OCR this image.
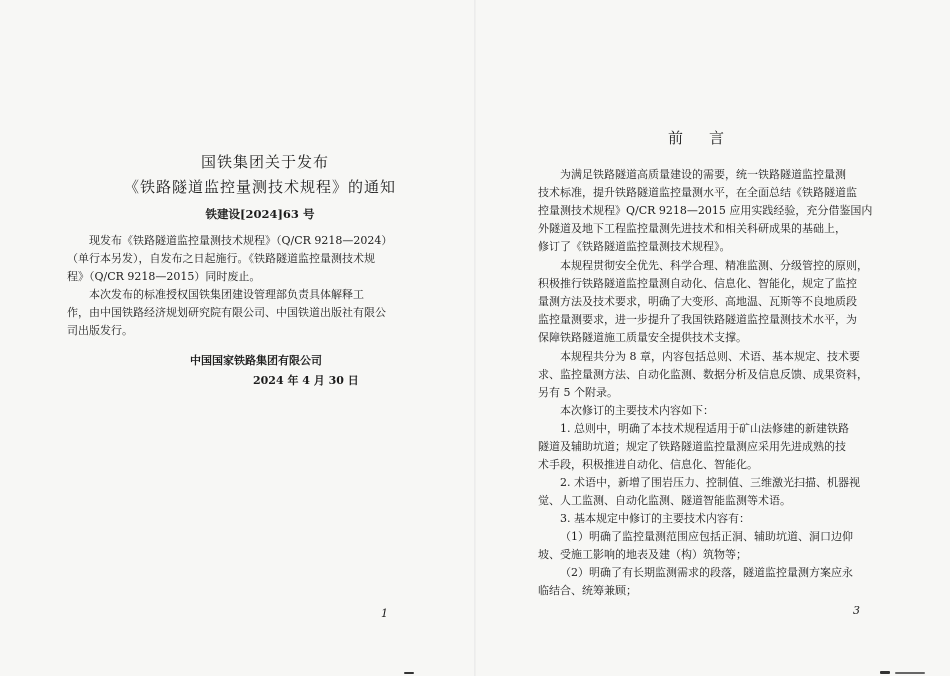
国铁集团关于发布
《铁路隧道监控量测技术规程》的通知
铁建设[2024]63 号
现发布《铁路隧道监控量测技术规程》（Q/CR 9218—2024）
（单行本另发），自发布之日起施行。《铁路隧道监控量测技术规
程》（Q/CR 9218—2015）同时废止。
本次发布的标准授权国铁集团建设管理部负责具体解释工
作，由中国铁路经济规划研究院有限公司、中国铁道出版社有限公
司出版发行。
中国国家铁路集团有限公司
2024 年 4 月 30 日
1
前言
为满足铁路隧道高质量建设的需要，统一铁路隧道监控量测
技术标准，提升铁路隧道监控量测水平，在全面总结《铁路隧道监
控量测技术规程》Q/CR 9218—2015 应用实践经验，充分借鉴国内
外隧道及地下工程监控量测先进技术和相关科研成果的基础上，
修订了《铁路隧道监控量测技术规程》。
本规程贯彻安全优先、科学合理、精准监测、分级管控的原则，
积极推行铁路隧道监控量测自动化、信息化、智能化，规定了监控
量测方法及技术要求，明确了大变形、高地温、瓦斯等不良地质段
监控量测要求，进一步提升了我国铁路隧道监控量测技术水平，为
保障铁路隧道施工质量安全提供技术支撑。
本规程共分为 8 章，内容包括总则、术语、基本规定、技术要
求、监控量测方法、自动化监测、数据分析及信息反馈、成果资料，
另有 5 个附录。
本次修订的主要技术内容如下：
1. 总则中，明确了本技术规程适用于矿山法修建的新建铁路
隧道及辅助坑道；规定了铁路隧道监控量测应采用先进成熟的技
术手段，积极推进自动化、信息化、智能化。
2. 术语中，新增了围岩压力、控制值、三维激光扫描、机器视
觉、人工监测、自动化监测、隧道智能监测等术语。
3. 基本规定中修订的主要技术内容有：
（1）明确了监控量测范围应包括正洞、辅助坑道、洞口边仰
坡、受施工影响的地表及建（构）筑物等；
（2）明确了有长期监测需求的段落，隧道监控量测方案应永
临结合、统筹兼顾；
3
